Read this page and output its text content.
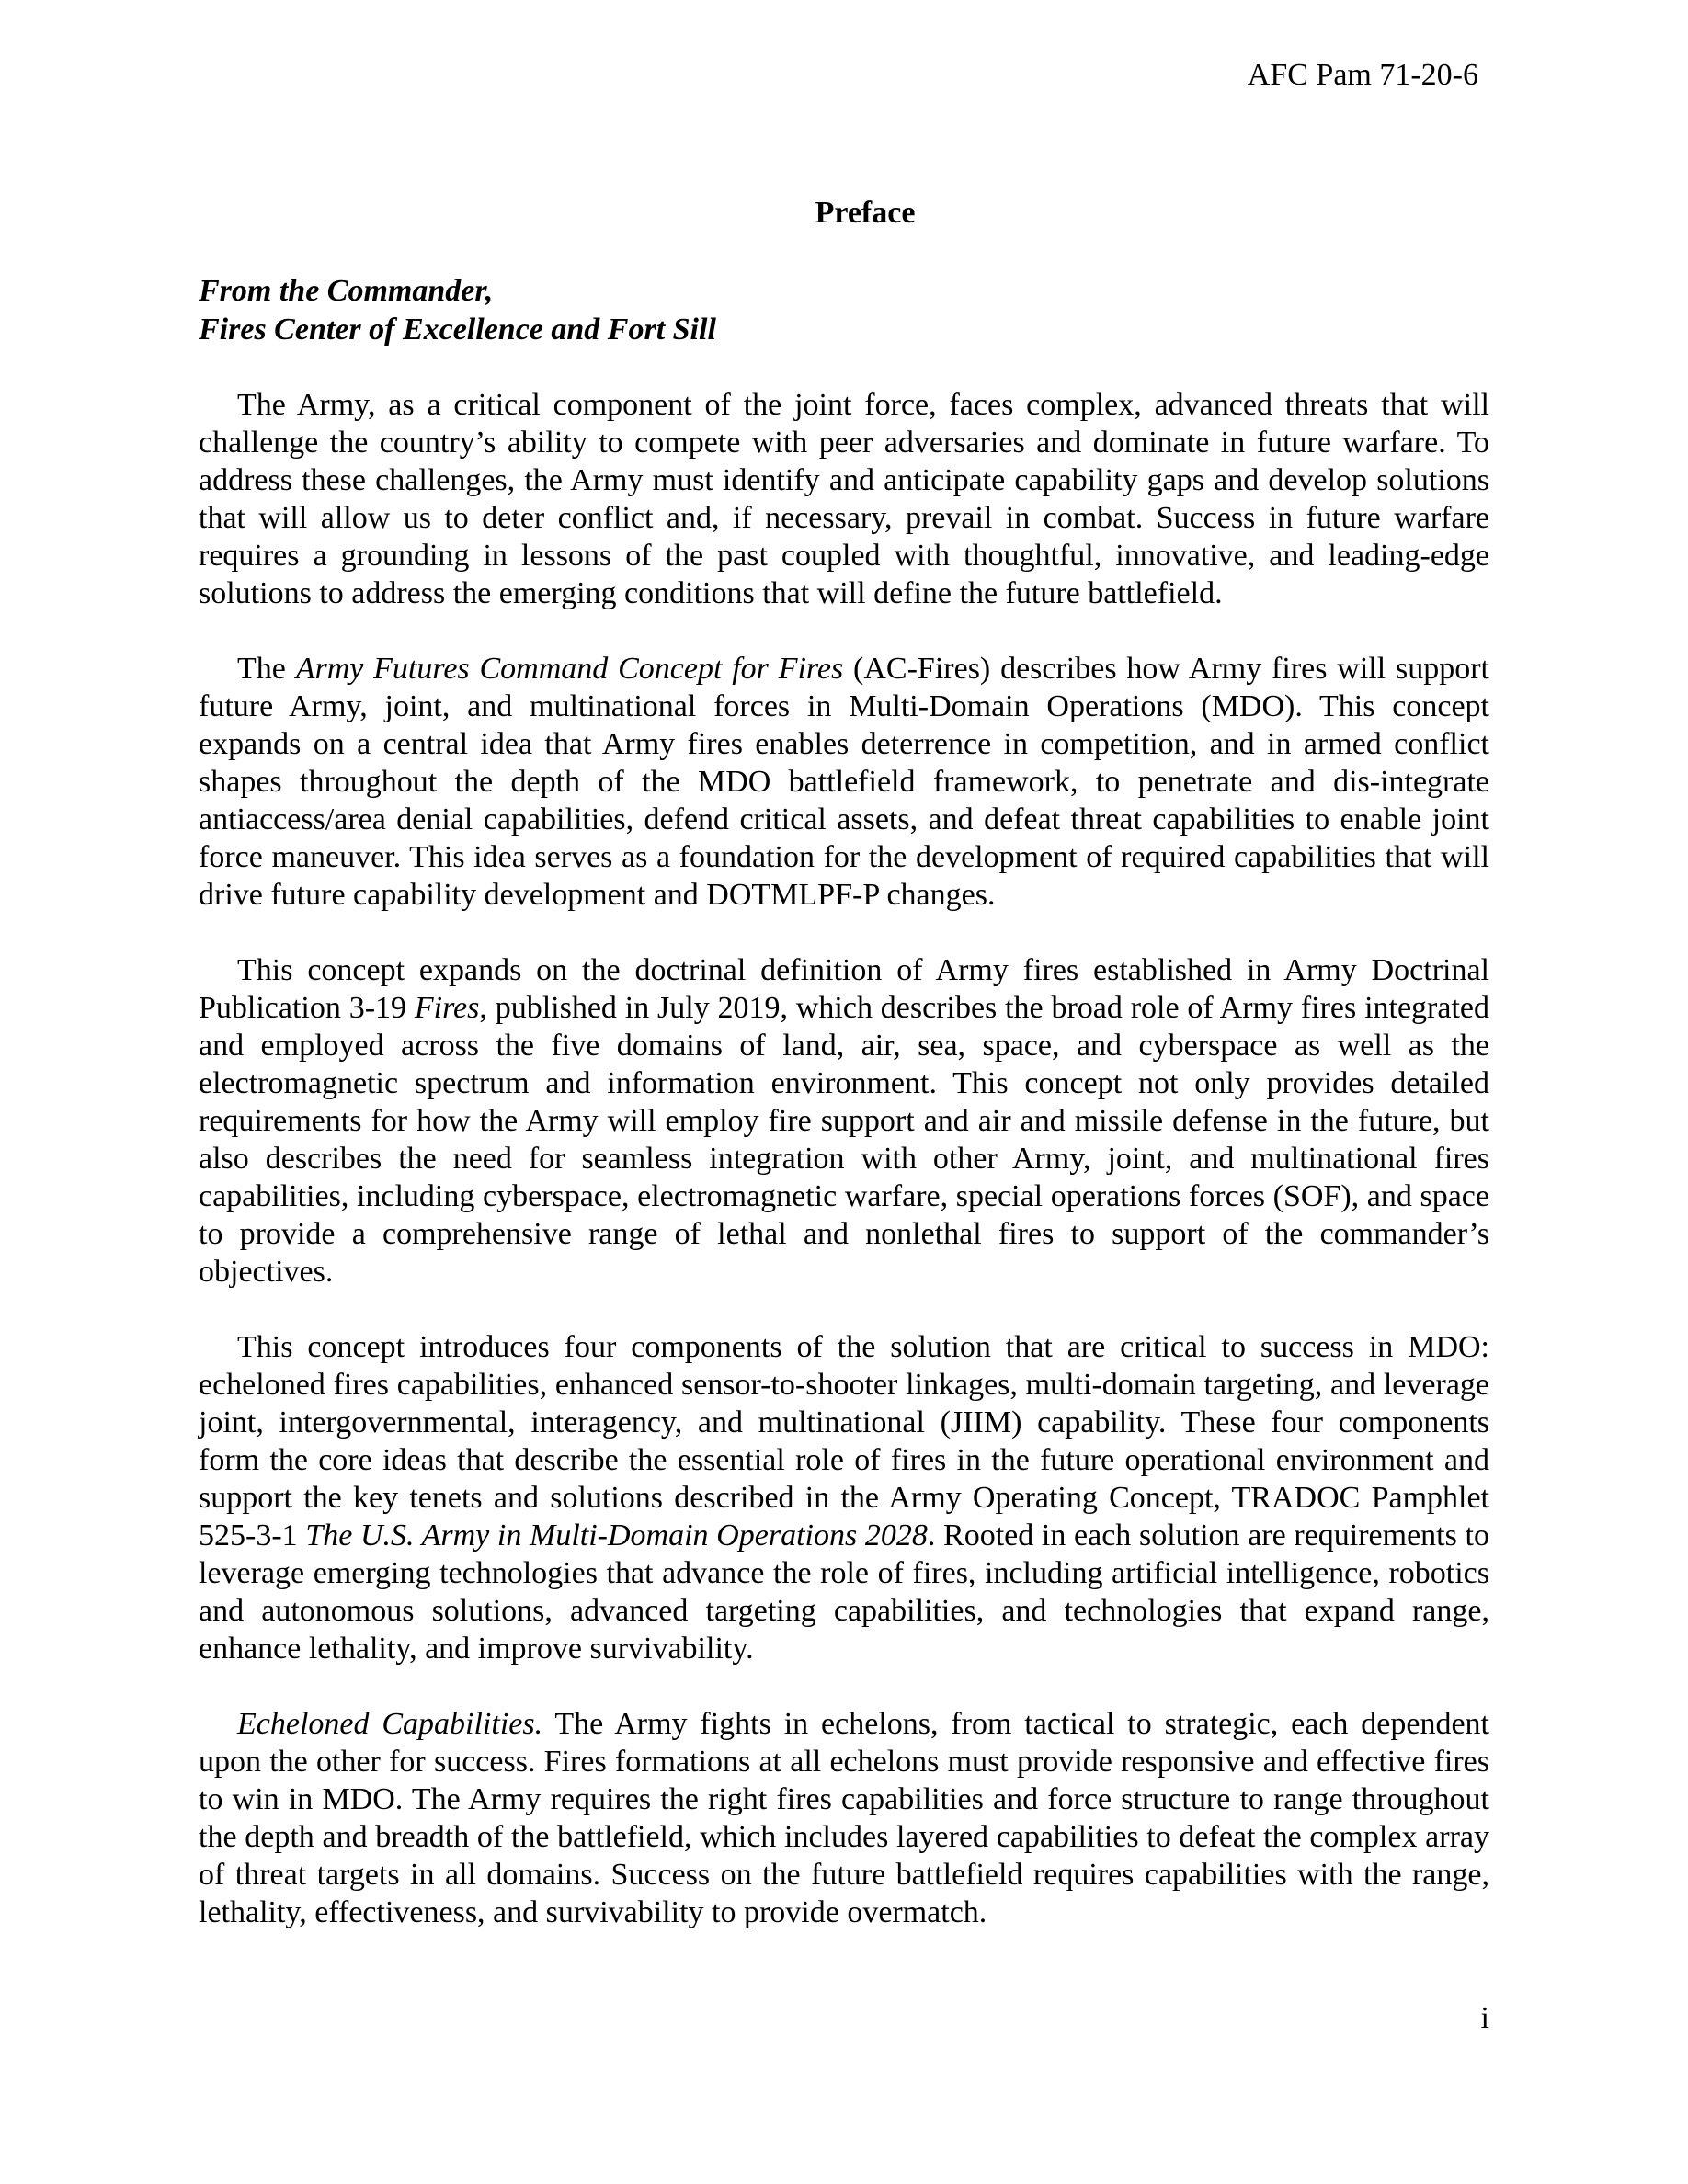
AFC Pam 71-20-6

Preface
From the Commander,
Fires Center of Excellence and Fort Sill

The Army, as a critical component of the joint force, faces complex, advanced threats that will challenge the country’s ability to compete with peer adversaries and dominate in future warfare. To address these challenges, the Army must identify and anticipate capability gaps and develop solutions that will allow us to deter conflict and, if necessary, prevail in combat. Success in future warfare requires a grounding in lessons of the past coupled with thoughtful, innovative, and leading-edge solutions to address the emerging conditions that will define the future battlefield.

The Army Futures Command Concept for Fires (AC-Fires) describes how Army fires will support future Army, joint, and multinational forces in Multi-Domain Operations (MDO). This concept expands on a central idea that Army fires enables deterrence in competition, and in armed conflict shapes throughout the depth of the MDO battlefield framework, to penetrate and dis-integrate antiaccess/area denial capabilities, defend critical assets, and defeat threat capabilities to enable joint force maneuver. This idea serves as a foundation for the development of required capabilities that will drive future capability development and DOTMLPF-P changes.

This concept expands on the doctrinal definition of Army fires established in Army Doctrinal Publication 3-19 Fires, published in July 2019, which describes the broad role of Army fires integrated and employed across the five domains of land, air, sea, space, and cyberspace as well as the electromagnetic spectrum and information environment. This concept not only provides detailed requirements for how the Army will employ fire support and air and missile defense in the future, but also describes the need for seamless integration with other Army, joint, and multinational fires capabilities, including cyberspace, electromagnetic warfare, special operations forces (SOF), and space to provide a comprehensive range of lethal and nonlethal fires to support of the commander’s objectives.

This concept introduces four components of the solution that are critical to success in MDO: echeloned fires capabilities, enhanced sensor-to-shooter linkages, multi-domain targeting, and leverage joint, intergovernmental, interagency, and multinational (JIIM) capability. These four components form the core ideas that describe the essential role of fires in the future operational environment and support the key tenets and solutions described in the Army Operating Concept, TRADOC Pamphlet 525-3-1 The U.S. Army in Multi-Domain Operations 2028. Rooted in each solution are requirements to leverage emerging technologies that advance the role of fires, including artificial intelligence, robotics and autonomous solutions, advanced targeting capabilities, and technologies that expand range, enhance lethality, and improve survivability.

Echeloned Capabilities. The Army fights in echelons, from tactical to strategic, each dependent upon the other for success. Fires formations at all echelons must provide responsive and effective fires to win in MDO. The Army requires the right fires capabilities and force structure to range throughout the depth and breadth of the battlefield, which includes layered capabilities to defeat the complex array of threat targets in all domains. Success on the future battlefield requires capabilities with the range, lethality, effectiveness, and survivability to provide overmatch.

i
